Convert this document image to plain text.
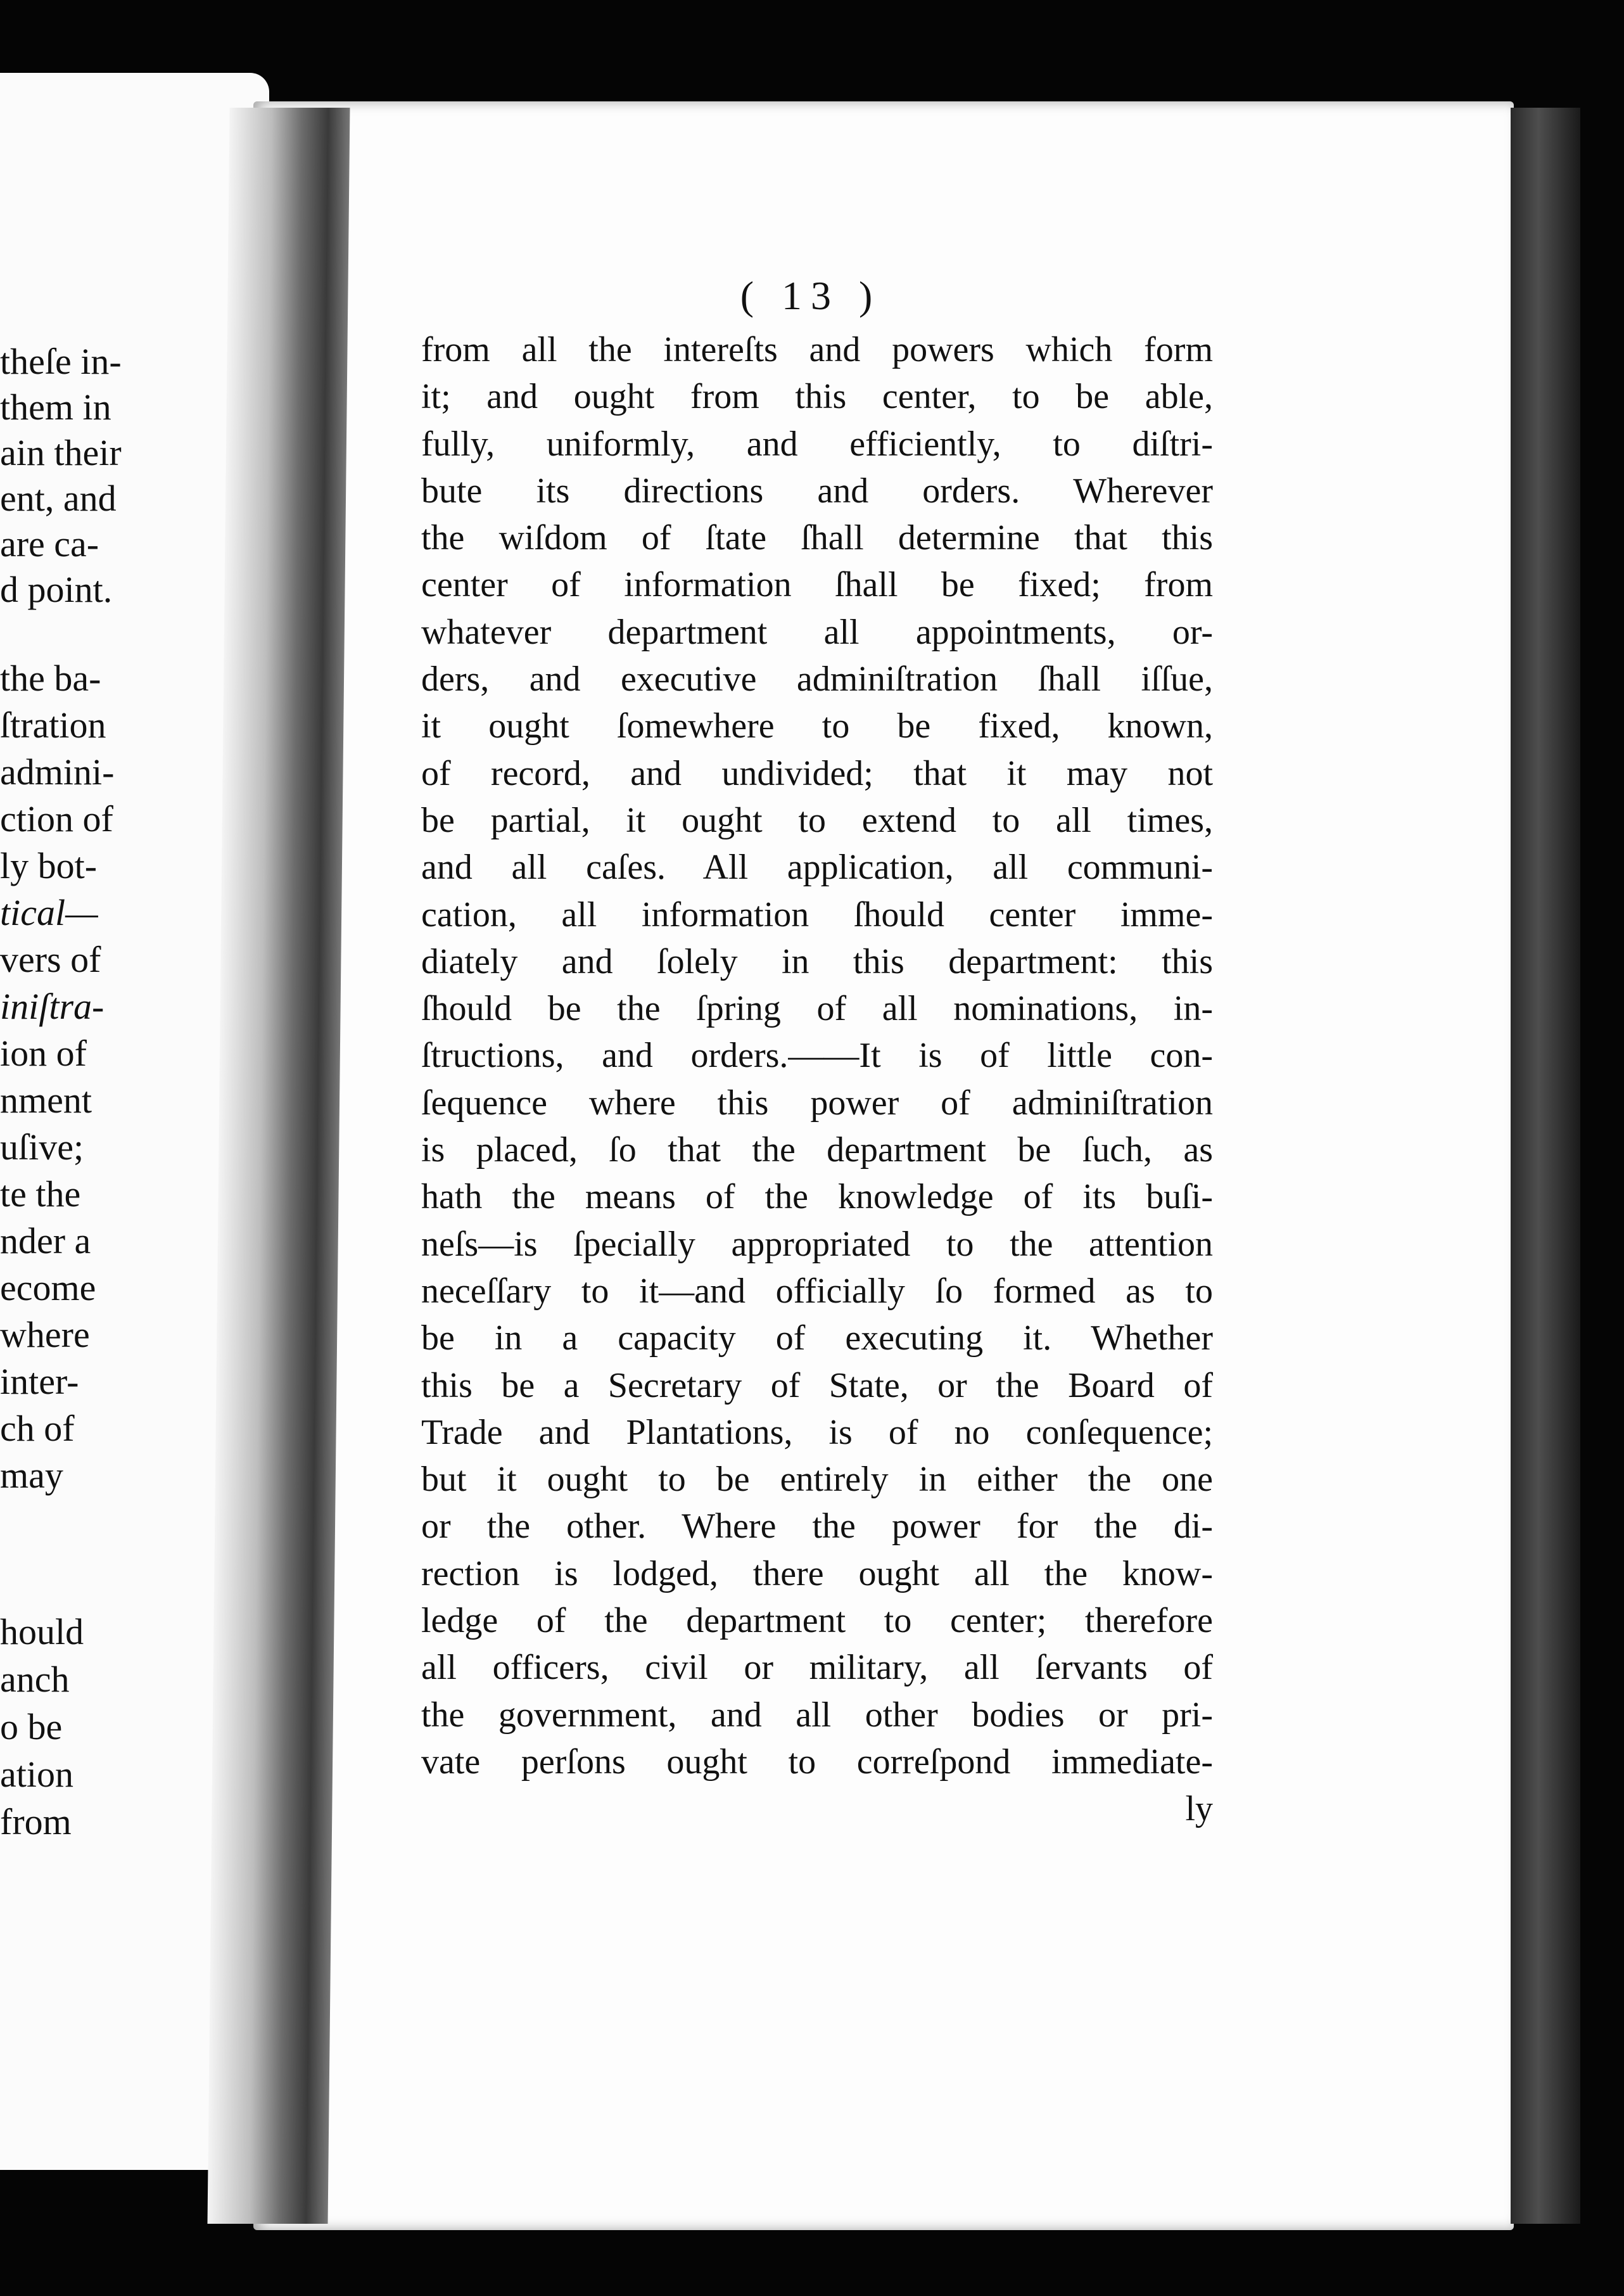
theſe in-
them in
ain their
ent, and
are ca-
d point.
the ba-
ſtration
admini-
ction of
ly bot-
tical—
vers of
iniſtra-
ion of
nment
uſive;
te the
nder a
ecome
where
inter-
ch of
may
hould
anch
o be
ation
from
( 13 )
from all the intereſts and powers which form
it; and ought from this center, to be able,
fully, uniformly, and efficiently, to diſtri-
bute its directions and orders. Wherever
the wiſdom of ſtate ſhall determine that this
center of information ſhall be fixed; from
whatever department all appointments, or-
ders, and executive adminiſtration ſhall iſſue,
it ought ſomewhere to be fixed, known,
of record, and undivided; that it may not
be partial, it ought to extend to all times,
and all caſes. All application, all communi-
cation, all information ſhould center imme-
diately and ſolely in this department: this
ſhould be the ſpring of all nominations, in-
ſtructions, and orders.——It is of little con-
ſequence where this power of adminiſtration
is placed, ſo that the department be ſuch, as
hath the means of the knowledge of its buſi-
neſs—is ſpecially appropriated to the attention
neceſſary to it—and officially ſo formed as to
be in a capacity of executing it. Whether
this be a Secretary of State, or the Board of
Trade and Plantations, is of no conſequence;
but it ought to be entirely in either the one
or the other. Where the power for the di-
rection is lodged, there ought all the know-
ledge of the department to center; therefore
all officers, civil or military, all ſervants of
the government, and all other bodies or pri-
vate perſons ought to correſpond immediate-
ly
